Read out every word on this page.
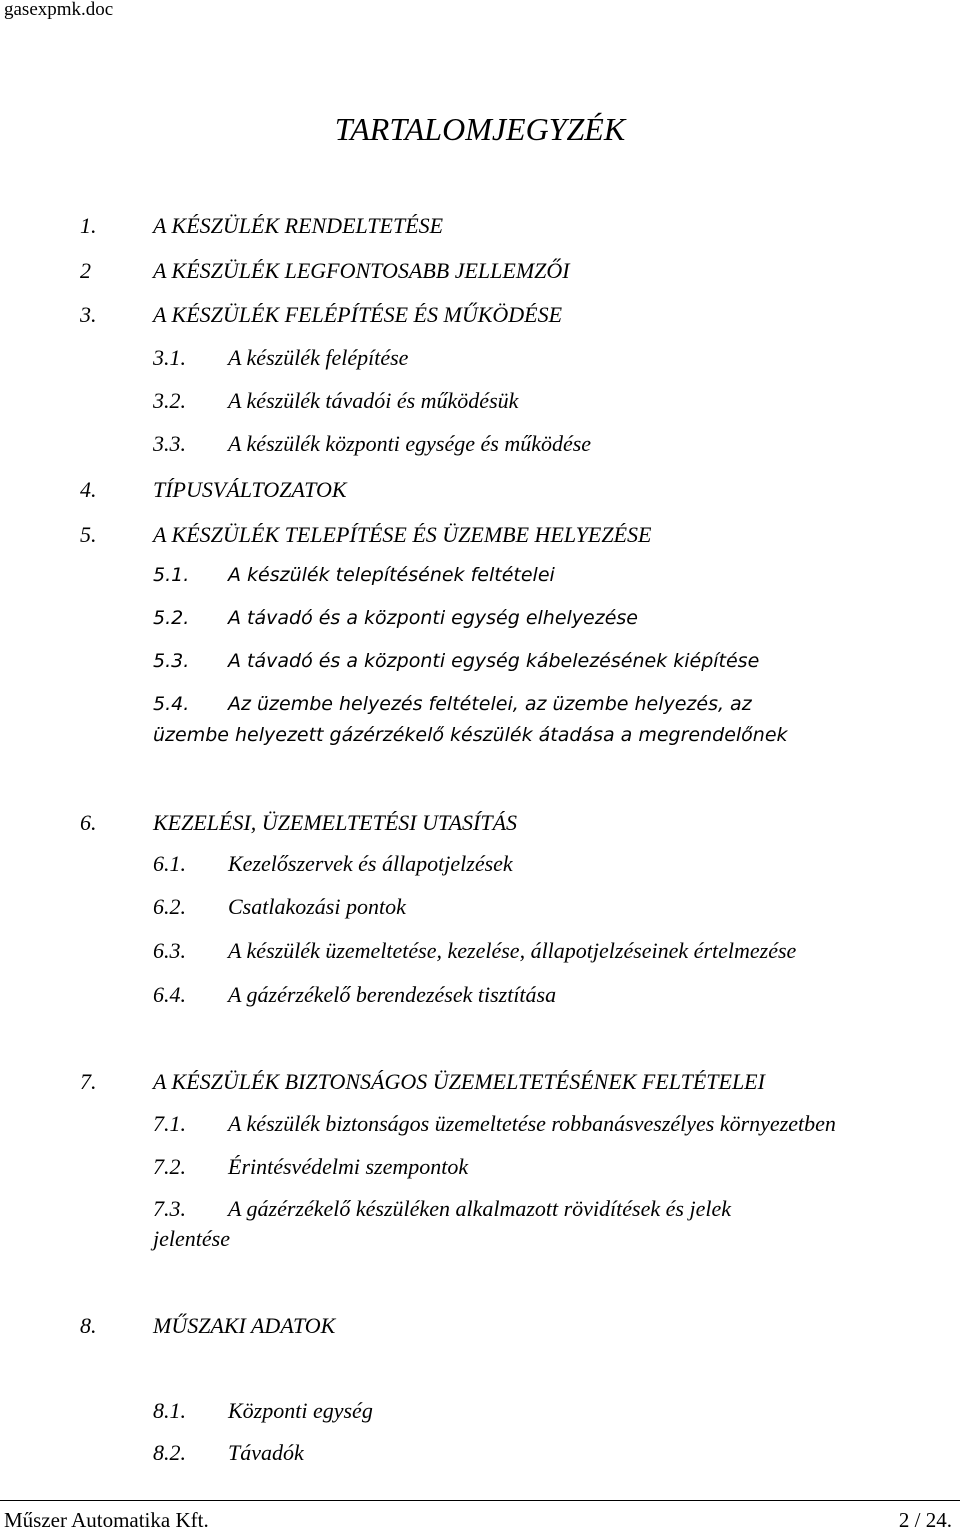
gasexpmk.doc
TARTALOMJEGYZÉK
1.	A KÉSZÜLÉK RENDELTETÉSE
2	A KÉSZÜLÉK LEGFONTOSABB JELLEMZŐI
3.	A KÉSZÜLÉK FELÉPÍTÉSE ÉS MŰKÖDÉSE
3.1. A készülék felépítése
3.2. A készülék távadói és működésük
3.3. A készülék központi egysége és működése
4.	TÍPUSVÁLTOZATOK
5.	A KÉSZÜLÉK TELEPÍTÉSE ÉS ÜZEMBE HELYEZÉSE
5.1. A készülék telepítésének feltételei
5.2. A távadó és a központi egység elhelyezése
5.3. A távadó és a központi egység kábelezésének kiépítése
5.4. Az üzembe helyezés feltételei, az üzembe helyezés, az
üzembe helyezett gázérzékelő készülék átadása a megrendelőnek
6.	KEZELÉSI, ÜZEMELTETÉSI UTASÍTÁS
6.1. Kezelőszervek és állapotjelzések
6.2. Csatlakozási pontok
6.3. A készülék üzemeltetése, kezelése, állapotjelzéseinek értelmezése
6.4. A gázérzékelő berendezések tisztítása
7.	A KÉSZÜLÉK BIZTONSÁGOS ÜZEMELTETÉSÉNEK FELTÉTELEI
7.1. A készülék biztonságos üzemeltetése robbanásveszélyes környezetben
7.2. Érintésvédelmi szempontok
7.3. A gázérzékelő készüléken alkalmazott rövidítések és jelek
jelentése
8.	MŰSZAKI ADATOK
8.1. Központi egység
8.2. Távadók
Műszer Automatika Kft.	2 / 24.
